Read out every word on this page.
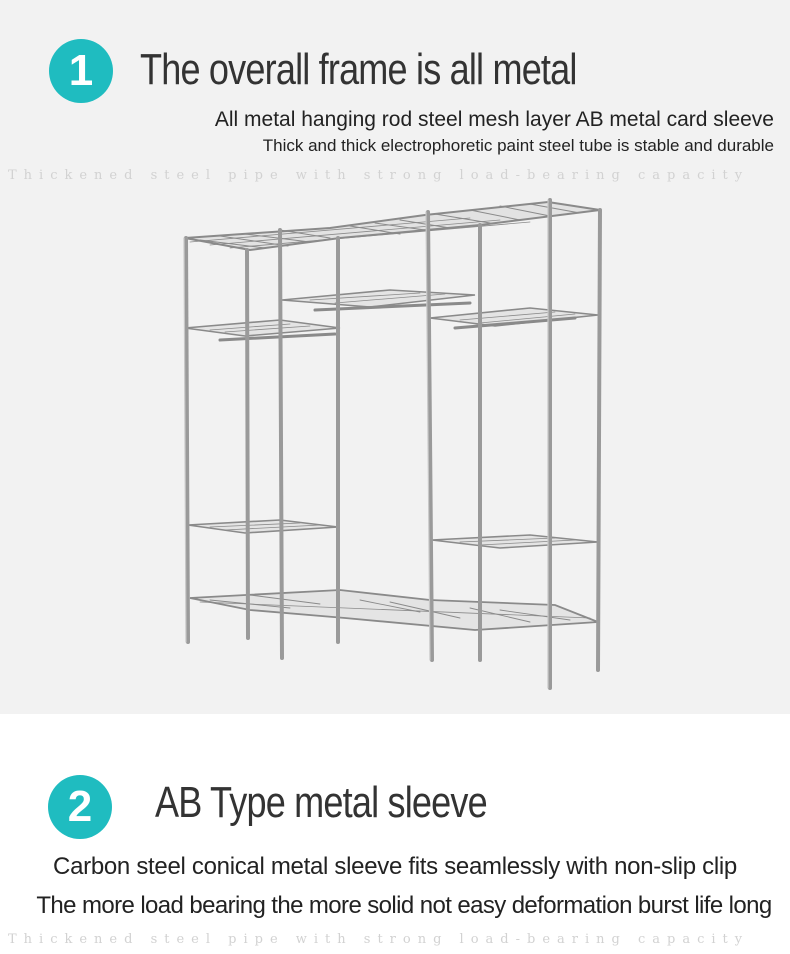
1	The overall frame is all metal
All metal hanging rod steel mesh layer AB metal card sleeve
Thick and thick electrophoretic paint steel tube is stable and durable
Thickened steel pipe with strong load-bearing capacity
2	AB Type metal sleeve
Carbon steel conical metal sleeve fits seamlessly with non-slip clip
The more load bearing the more solid not easy deformation burst life long
Thickened steel pipe with strong load-bearing capacity
